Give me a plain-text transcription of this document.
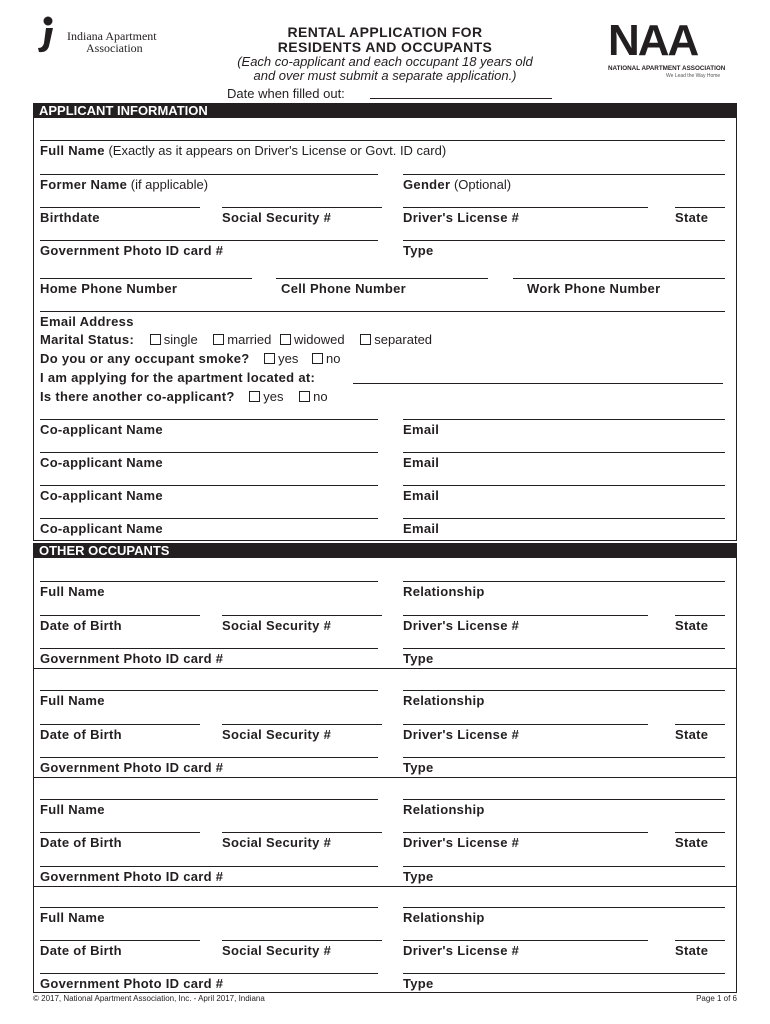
Indiana Apartment
Association
RENTAL APPLICATION FOR
RESIDENTS AND OCCUPANTS
(Each co-applicant and each occupant 18 years old
and over must submit a separate application.)
Date when filled out:
NAA
NATIONAL APARTMENT ASSOCIATION
We Lead the Way Home
APPLICANT INFORMATION
Full Name (Exactly as it appears on Driver's License or Govt. ID card)
Former Name (if applicable)	Gender (Optional)
Birthdate	Social Security #	Driver's License #	State
Government Photo ID card #	Type
Home Phone Number	Cell Phone Number	Work Phone Number
Email Address
Marital Status: single married widowed separated
Do you or any occupant smoke? yes no
I am applying for the apartment located at:
Is there another co-applicant? yes no
Co-applicant Name	Email
Co-applicant Name	Email
Co-applicant Name	Email
Co-applicant Name	Email
OTHER OCCUPANTS
Full Name	Relationship
Date of Birth	Social Security #	Driver's License #	State
Government Photo ID card #	Type
Full Name	Relationship
Date of Birth	Social Security #	Driver's License #	State
Government Photo ID card #	Type
Full Name	Relationship
Date of Birth	Social Security #	Driver's License #	State
Government Photo ID card #	Type
Full Name	Relationship
Date of Birth	Social Security #	Driver's License #	State
Government Photo ID card #	Type
© 2017, National Apartment Association, Inc. - April 2017, Indiana	Page 1 of 6
